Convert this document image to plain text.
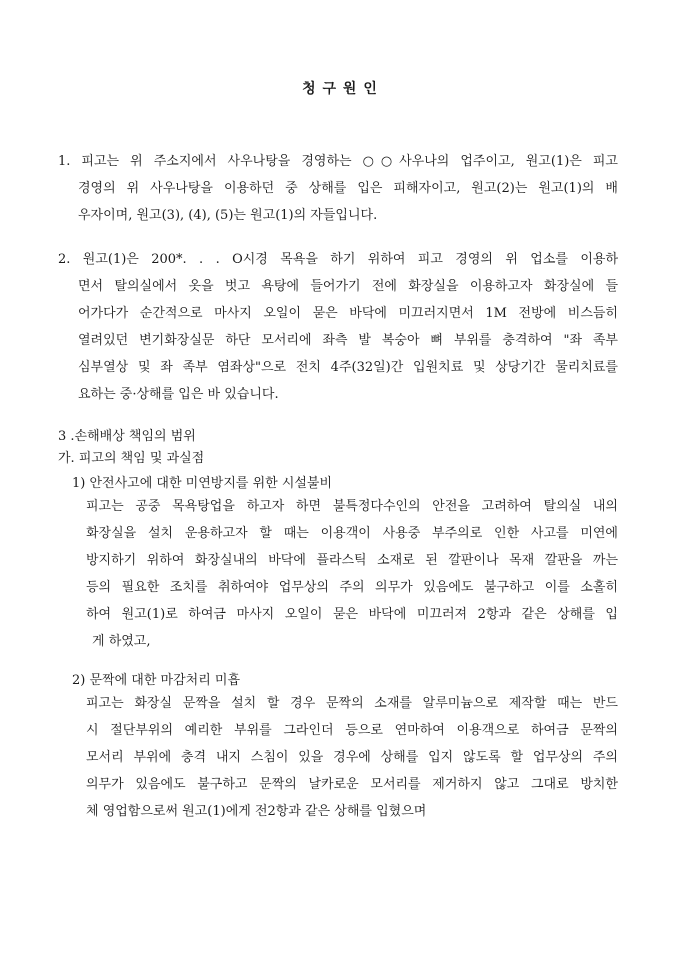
청 구 원 인
1. 피고는 위 주소지에서 사우나탕을 경영하는 ○○사우나의 업주이고, 원고(1)은 피고
경영의 위 사우나탕을 이용하던 중 상해를 입은 피해자이고, 원고(2)는 원고(1)의 배
우자이며, 원고(3), (4), (5)는 원고(1)의 자들입니다.
2. 원고(1)은 200*. . . O시경 목욕을 하기 위하여 피고 경영의 위 업소를 이용하
면서 탈의실에서 옷을 벗고 욕탕에 들어가기 전에 화장실을 이용하고자 화장실에 들
어가다가 순간적으로 마사지 오일이 묻은 바닥에 미끄러지면서 1M 전방에 비스듬히
열려있던 변기화장실문 하단 모서리에 좌측 발 복숭아 뼈 부위를 충격하여 "좌 족부
심부열상 및 좌 족부 염좌상"으로 전치 4주(32일)간 입원치료 및 상당기간 물리치료를
요하는 중·상해를 입은 바 있습니다.
3 .손해배상 책임의 범위
가. 피고의 책임 및 과실점
1) 안전사고에 대한 미연방지를 위한 시설불비
피고는 공중 목욕탕업을 하고자 하면 불특정다수인의 안전을 고려하여 탈의실 내의
화장실을 설치 운용하고자 할 때는 이용객이 사용중 부주의로 인한 사고를 미연에
방지하기 위하여 화장실내의 바닥에 플라스틱 소재로 된 깔판이나 목재 깔판을 까는
등의 필요한 조치를 취하여야 업무상의 주의 의무가 있음에도 불구하고 이를 소홀히
하여 원고(1)로 하여금 마사지 오일이 묻은 바닥에 미끄러져 2항과 같은 상해를 입
게 하였고,
2) 문짝에 대한 마감처리 미흡
피고는 화장실 문짝을 설치 할 경우 문짝의 소재를 알루미늄으로 제작할 때는 반드
시 절단부위의 예리한 부위를 그라인더 등으로 연마하여 이용객으로 하여금 문짝의
모서리 부위에 충격 내지 스침이 있을 경우에 상해를 입지 않도록 할 업무상의 주의
의무가 있음에도 불구하고 문짝의 날카로운 모서리를 제거하지 않고 그대로 방치한
체 영업함으로써 원고(1)에게 전2항과 같은 상해를 입혔으며
